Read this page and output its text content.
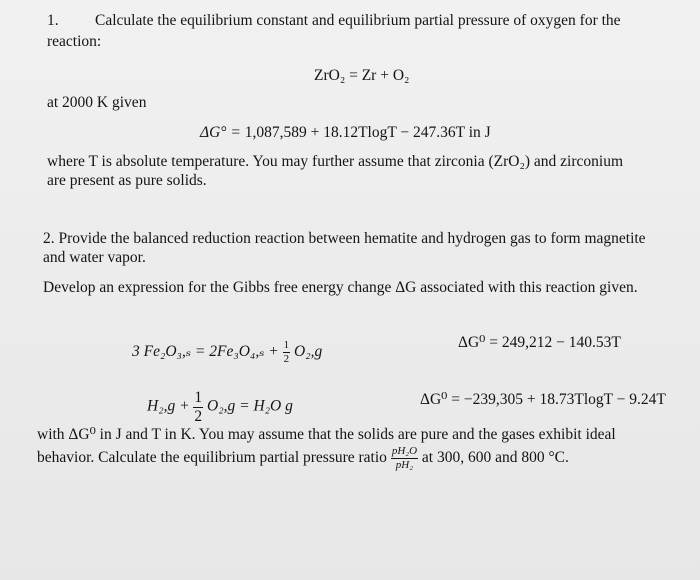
1. Calculate the equilibrium constant and equilibrium partial pressure of oxygen for the
reaction:
ZrO₂ = Zr + O₂
at 2000 K given
ΔG° = 1,087,589 + 18.12TlogT − 247.36T in J
where T is absolute temperature. You may further assume that zirconia (ZrO₂) and zirconium
are present as pure solids.
2. Provide the balanced reduction reaction between hematite and hydrogen gas to form magnetite
and water vapor.
Develop an expression for the Gibbs free energy change ΔG associated with this reaction given.
3 $Fe_2O_3,_s = 2Fe_3O_4,_s + \frac{1}{2} O_2,g$
ΔG⁰ = 249,212 − 140.53T
ΔG⁰ = −239,305 + 18.73TlogT − 9.24T
$H_2,g + \frac{1}{2} O_2,g = H_2O$ g
with ΔG⁰ in J and T in K. You may assume that the solids are pure and the gases exhibit ideal
behavior. Calculate the equilibrium partial pressure ratio $\frac{\text{pH₂O}}{\text{pH₂}}$ at 300, 600 and 800 °C.
